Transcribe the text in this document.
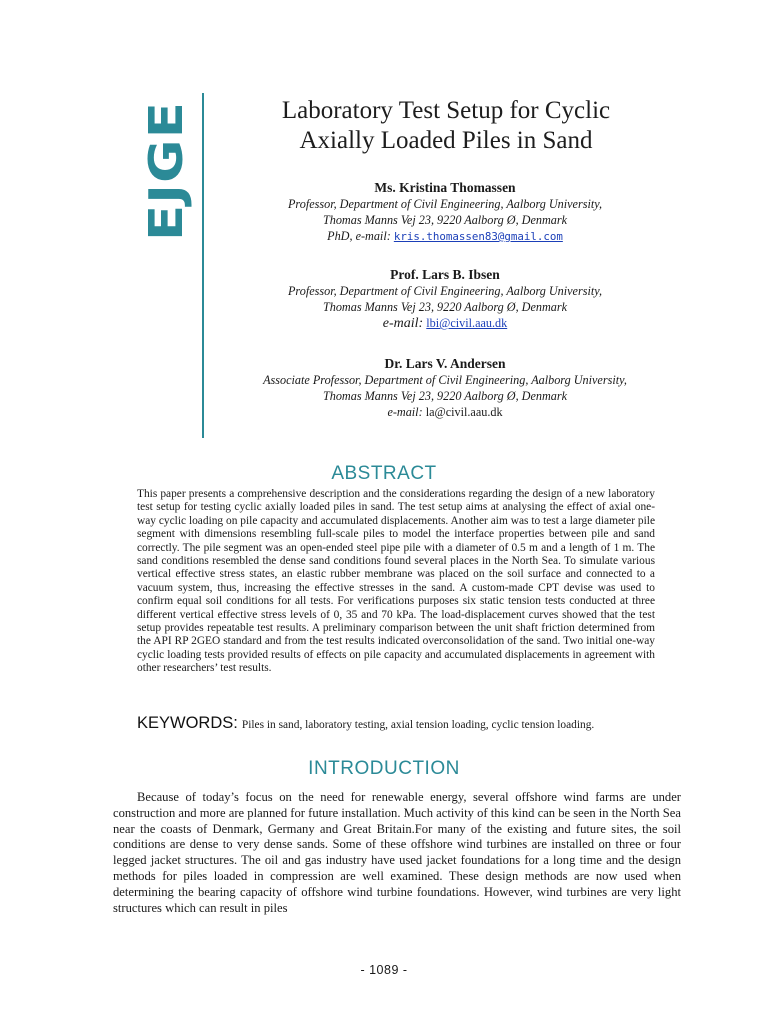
EJGE
Laboratory Test Setup for Cyclic
Axially Loaded Piles in Sand
Ms. Kristina Thomassen
Professor, Department of Civil Engineering, Aalborg University,
Thomas Manns Vej 23, 9220 Aalborg Ø, Denmark
PhD, e-mail: kris.thomassen83@gmail.com
Prof. Lars B. Ibsen
Professor, Department of Civil Engineering, Aalborg University,
Thomas Manns Vej 23, 9220 Aalborg Ø, Denmark
e-mail: lbi@civil.aau.dk
Dr. Lars V. Andersen
Associate Professor, Department of Civil Engineering, Aalborg University,
Thomas Manns Vej 23, 9220 Aalborg Ø, Denmark
e-mail: la@civil.aau.dk
ABSTRACT

This paper presents a comprehensive description and the considerations regarding the design of a new laboratory test setup for testing cyclic axially loaded piles in sand. The test setup aims at analysing the effect of axial one-way cyclic loading on pile capacity and accumulated displacements. Another aim was to test a large diameter pile segment with dimensions resembling full-scale piles to model the interface properties between pile and sand correctly. The pile segment was an open-ended steel pipe pile with a diameter of 0.5 m and a length of 1 m. The sand conditions resembled the dense sand conditions found several places in the North Sea. To simulate various vertical effective stress states, an elastic rubber membrane was placed on the soil surface and connected to a vacuum system, thus, increasing the effective stresses in the sand. A custom-made CPT devise was used to confirm equal soil conditions for all tests. For verifications purposes six static tension tests conducted at three different vertical effective stress levels of 0, 35 and 70 kPa. The load-displacement curves showed that the test setup provides repeatable test results. A preliminary comparison between the unit shaft friction determined from the API RP 2GEO standard and from the test results indicated overconsolidation of the sand. Two initial one-way cyclic loading tests provided results of effects on pile capacity and accumulated displacements in agreement with other researchers’ test results.

KEYWORDS: Piles in sand, laboratory testing, axial tension loading, cyclic tension loading.
INTRODUCTION

Because of today’s focus on the need for renewable energy, several offshore wind farms are under construction and more are planned for future installation. Much activity of this kind can be seen in the North Sea near the coasts of Denmark, Germany and Great Britain.For many of the existing and future sites, the soil conditions are dense to very dense sands. Some of these offshore wind turbines are installed on three or four legged jacket structures. The oil and gas industry have used jacket foundations for a long time and the design methods for piles loaded in compression are well examined. These design methods are now used when determining the bearing capacity of offshore wind turbine foundations. However, wind turbines are very light structures which can result in piles

- 1089 -
